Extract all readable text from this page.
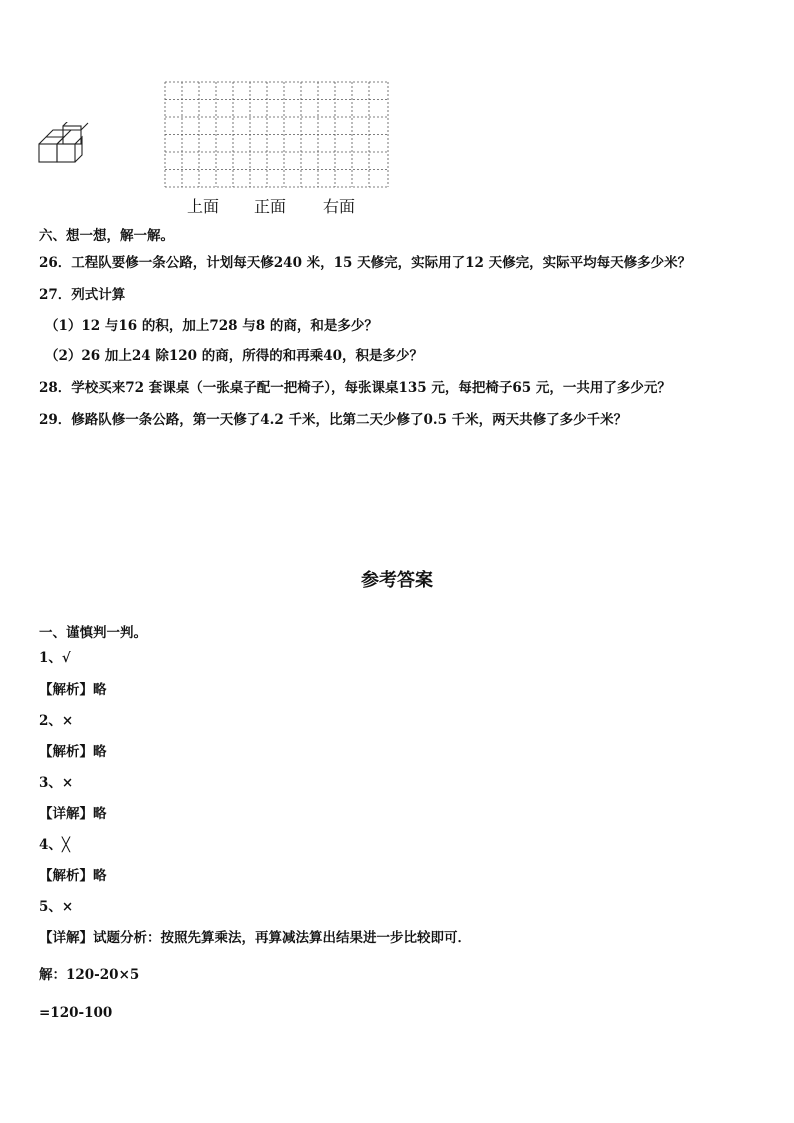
上面 正面 右面
六、想一想，解一解。
26．工程队要修一条公路，计划每天修240 米，15 天修完，实际用了12 天修完，实际平均每天修多少米？
27．列式计算
（1）12 与16 的积，加上728 与8 的商，和是多少？
（2）26 加上24 除120 的商，所得的和再乘40，积是多少？
28．学校买来72 套课桌（一张桌子配一把椅子），每张课桌135 元，每把椅子65 元，一共用了多少元？
29．修路队修一条公路，第一天修了4.2 千米，比第二天少修了0.5 千米，两天共修了多少千米？
参考答案
一、谨慎判一判。
1、√
【解析】略
2、×
【解析】略
3、×
【详解】略
4、╳
【解析】略
5、×
【详解】试题分析：按照先算乘法，再算减法算出结果进一步比较即可．
解：120-20×5
=120-100
